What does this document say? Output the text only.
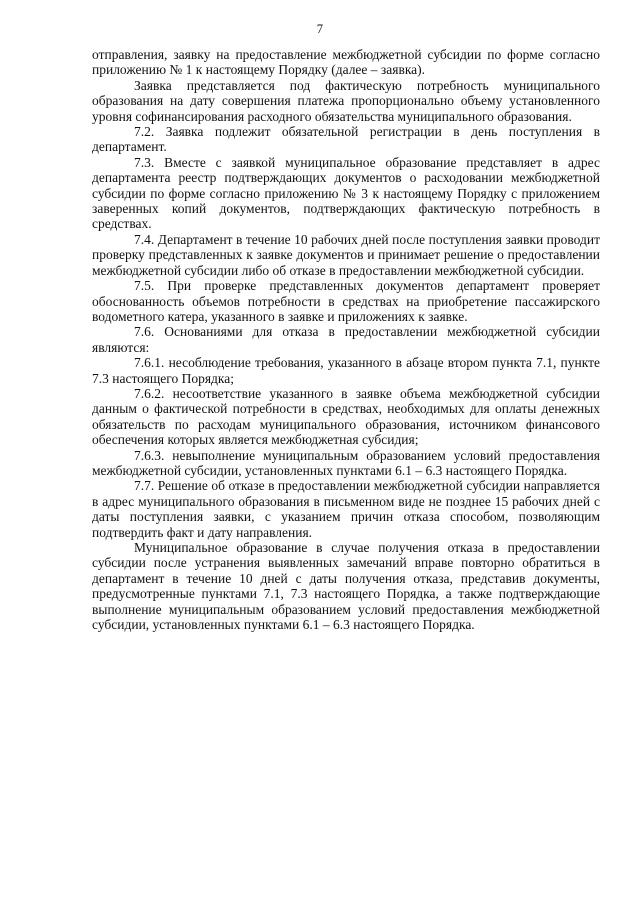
7

отправления, заявку на предоставление межбюджетной субсидии по форме согласно приложению № 1 к настоящему Порядку (далее – заявка).

Заявка представляется под фактическую потребность муниципального образования на дату совершения платежа пропорционально объему установленного уровня софинансирования расходного обязательства муниципального образования.

7.2. Заявка подлежит обязательной регистрации в день поступления в департамент.

7.3. Вместе с заявкой муниципальное образование представляет в адрес департамента реестр подтверждающих документов о расходовании межбюджетной субсидии по форме согласно приложению № 3 к настоящему Порядку с приложением заверенных копий документов, подтверждающих фактическую потребность в средствах.

7.4. Департамент в течение 10 рабочих дней после поступления заявки проводит проверку представленных к заявке документов и принимает решение о предоставлении межбюджетной субсидии либо об отказе в предоставлении межбюджетной субсидии.

7.5. При проверке представленных документов департамент проверяет обоснованность объемов потребности в средствах на приобретение пассажирского водометного катера, указанного в заявке и приложениях к заявке.

7.6. Основаниями для отказа в предоставлении межбюджетной субсидии являются:

7.6.1. несоблюдение требования, указанного в абзаце втором пункта 7.1, пункте 7.3 настоящего Порядка;

7.6.2. несоответствие указанного в заявке объема межбюджетной субсидии данным о фактической потребности в средствах, необходимых для оплаты денежных обязательств по расходам муниципального образования, источником финансового обеспечения которых является межбюджетная субсидия;

7.6.3. невыполнение муниципальным образованием условий предоставления межбюджетной субсидии, установленных пунктами 6.1 – 6.3 настоящего Порядка.

7.7. Решение об отказе в предоставлении межбюджетной субсидии направляется в адрес муниципального образования в письменном виде не позднее 15 рабочих дней с даты поступления заявки, с указанием причин отказа способом, позволяющим подтвердить факт и дату направления.

Муниципальное образование в случае получения отказа в предоставлении субсидии после устранения выявленных замечаний вправе повторно обратиться в департамент в течение 10 дней с даты получения отказа, представив документы, предусмотренные пунктами 7.1, 7.3 настоящего Порядка, а также подтверждающие выполнение муниципальным образованием условий предоставления межбюджетной субсидии, установленных пунктами 6.1 – 6.3 настоящего Порядка.
